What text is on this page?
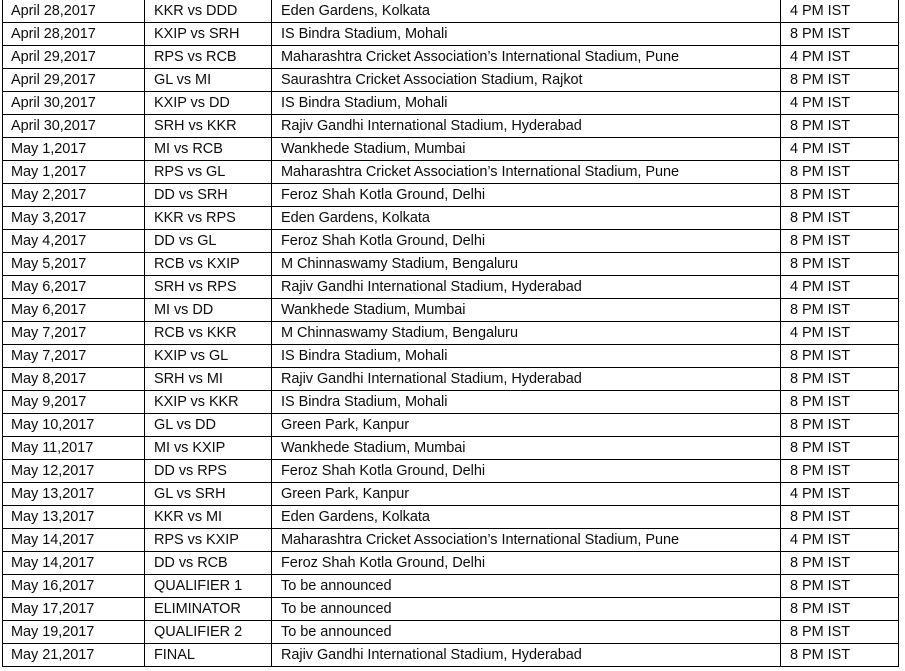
April 28,2017	KKR vs DDD	Eden Gardens, Kolkata	4 PM IST
April 28,2017	KXIP vs SRH	IS Bindra Stadium, Mohali	8 PM IST
April 29,2017	RPS vs RCB	Maharashtra Cricket Association’s International Stadium, Pune	4 PM IST
April 29,2017	GL vs MI	Saurashtra Cricket Association Stadium, Rajkot	8 PM IST
April 30,2017	KXIP vs DD	IS Bindra Stadium, Mohali	4 PM IST
April 30,2017	SRH vs KKR	Rajiv Gandhi International Stadium, Hyderabad	8 PM IST
May 1,2017	MI vs RCB	Wankhede Stadium, Mumbai	4 PM IST
May 1,2017	RPS vs GL	Maharashtra Cricket Association’s International Stadium, Pune	8 PM IST
May 2,2017	DD vs SRH	Feroz Shah Kotla Ground, Delhi	8 PM IST
May 3,2017	KKR vs RPS	Eden Gardens, Kolkata	8 PM IST
May 4,2017	DD vs GL	Feroz Shah Kotla Ground, Delhi	8 PM IST
May 5,2017	RCB vs KXIP	M Chinnaswamy Stadium, Bengaluru	8 PM IST
May 6,2017	SRH vs RPS	Rajiv Gandhi International Stadium, Hyderabad	4 PM IST
May 6,2017	MI vs DD	Wankhede Stadium, Mumbai	8 PM IST
May 7,2017	RCB vs KKR	M Chinnaswamy Stadium, Bengaluru	4 PM IST
May 7,2017	KXIP vs GL	IS Bindra Stadium, Mohali	8 PM IST
May 8,2017	SRH vs MI	Rajiv Gandhi International Stadium, Hyderabad	8 PM IST
May 9,2017	KXIP vs KKR	IS Bindra Stadium, Mohali	8 PM IST
May 10,2017	GL vs DD	Green Park, Kanpur	8 PM IST
May 11,2017	MI vs KXIP	Wankhede Stadium, Mumbai	8 PM IST
May 12,2017	DD vs RPS	Feroz Shah Kotla Ground, Delhi	8 PM IST
May 13,2017	GL vs SRH	Green Park, Kanpur	4 PM IST
May 13,2017	KKR vs MI	Eden Gardens, Kolkata	8 PM IST
May 14,2017	RPS vs KXIP	Maharashtra Cricket Association’s International Stadium, Pune	4 PM IST
May 14,2017	DD vs RCB	Feroz Shah Kotla Ground, Delhi	8 PM IST
May 16,2017	QUALIFIER 1	To be announced	8 PM IST
May 17,2017	ELIMINATOR	To be announced	8 PM IST
May 19,2017	QUALIFIER 2	To be announced	8 PM IST
May 21,2017	FINAL	Rajiv Gandhi International Stadium, Hyderabad	8 PM IST
